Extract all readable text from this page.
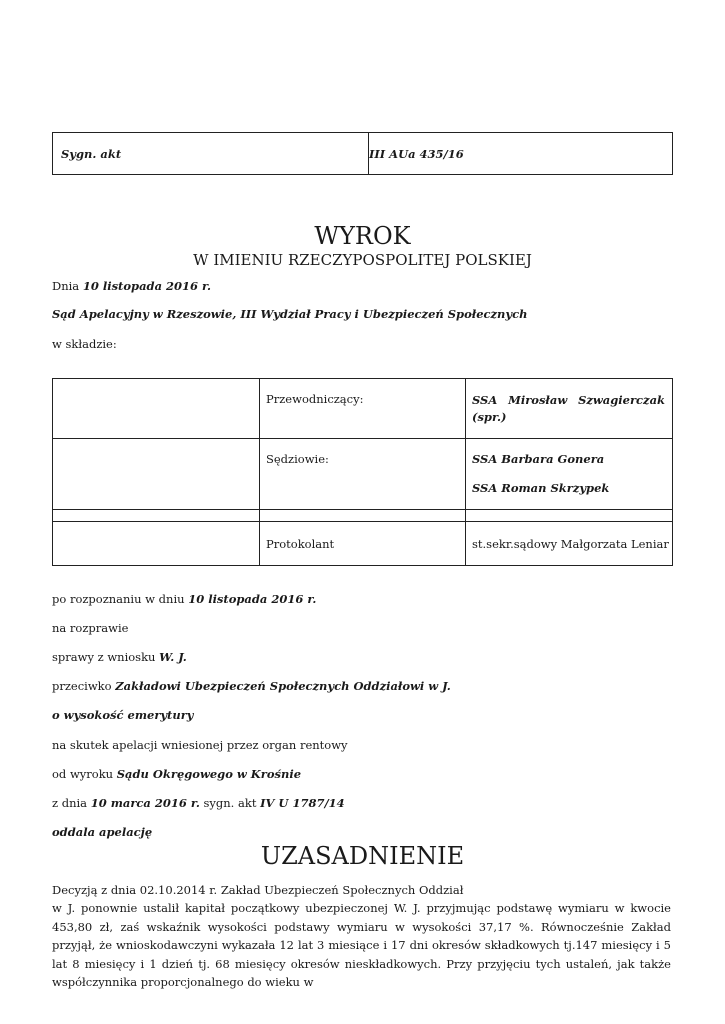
Sygn. akt	III AUa 435/16
WYROK
W IMIENIU RZECZYPOSPOLITEJ POLSKIEJ
Dnia 10 listopada 2016 r.
Sąd Apelacyjny w Rzeszowie, III Wydział Pracy i Ubezpieczeń Społecznych
w składzie:
Przewodniczący:	SSA Mirosław Szwagierczak (spr.)
Sędziowie:	SSA Barbara Gonera
SSA Roman Skrzypek
Protokolant	st.sekr.sądowy Małgorzata Leniar
po rozpoznaniu w dniu 10 listopada 2016 r.
na rozprawie
sprawy z wniosku W. J.
przeciwko Zakładowi Ubezpieczeń Społecznych Oddziałowi w J.
o wysokość emerytury
na skutek apelacji wniesionej przez organ rentowy
od wyroku Sądu Okręgowego w Krośnie
z dnia 10 marca 2016 r. sygn. akt IV U 1787/14
oddala apelację
UZASADNIENIE
Decyzją z dnia 02.10.2014 r. Zakład Ubezpieczeń Społecznych Oddział
w J. ponownie ustalił kapitał początkowy ubezpieczonej W. J. przyjmując podstawę wymiaru w kwocie 453,80 zł, zaś wskaźnik wysokości podstawy wymiaru w wysokości 37,17 %. Równocześnie Zakład przyjął, że wnioskodawczyni wykazała 12 lat 3 miesiące i 17 dni okresów składkowych tj.147 miesięcy i 5 lat 8 miesięcy i 1 dzień tj. 68 miesięcy okresów nieskładkowych. Przy przyjęciu tych ustaleń, jak także współczynnika proporcjonalnego do wieku w
